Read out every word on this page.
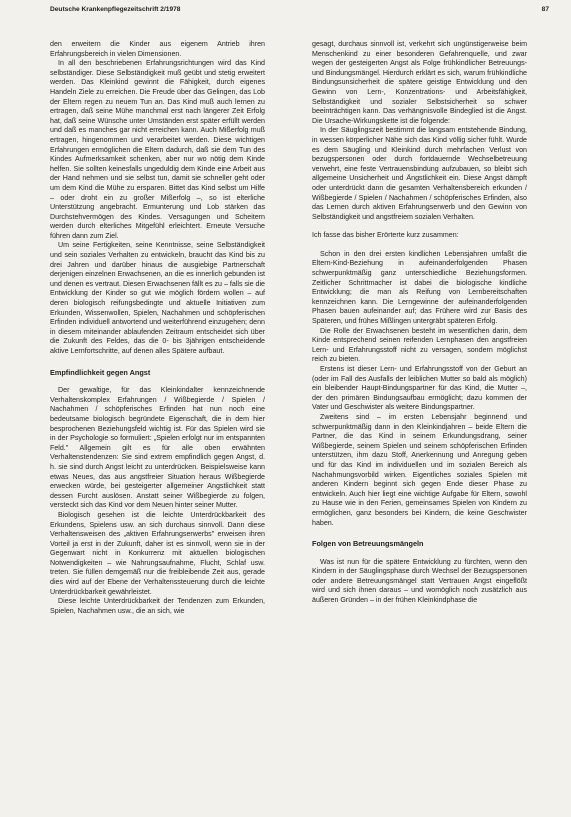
Deutsche Krankenpflegezeitschrift 2/1978	87

den erweitern die Kinder aus eigenem Antrieb ihren Erfahrungsbereich in vielen Dimensionen.

In all den beschriebenen Erfahrungsrichtungen wird das Kind selbständiger. Diese Selbständigkeit muß geübt und stetig erweitert werden. Das Kleinkind gewinnt die Fähigkeit, durch eigenes Handeln Ziele zu erreichen. Die Freude über das Gelingen, das Lob der Eltern regen zu neuem Tun an. Das Kind muß auch lernen zu ertragen, daß seine Mühe manchmal erst nach längerer Zeit Erfolg hat, daß seine Wünsche unter Umständen erst später erfüllt werden und daß es manches gar nicht erreichen kann. Auch Mißerfolg muß ertragen, hingenommen und verarbeitet werden. Diese wichtigen Erfahrungen ermöglichen die Eltern dadurch, daß sie dem Tun des Kindes Aufmerksamkeit schenken, aber nur wo nötig dem Kinde helfen. Sie sollten keinesfalls ungeduldig dem Kinde eine Arbeit aus der Hand nehmen und sie selbst tun, damit sie schneller geht oder um dem Kind die Mühe zu ersparen. Bittet das Kind selbst um Hilfe – oder droht ein zu großer Mißerfolg –, so ist elterliche Unterstützung angebracht. Ermunterung und Lob stärken das Durchstehvermögen des Kindes. Versagungen und Scheitern werden durch elterliches Mitgefühl erleichtert. Erneute Versuche führen dann zum Ziel.

Um seine Fertigkeiten, seine Kenntnisse, seine Selbständigkeit und sein soziales Verhalten zu entwickeln, braucht das Kind bis zu drei Jahren und darüber hinaus die ausgiebige Partnerschaft derjenigen einzelnen Erwachsenen, an die es innerlich gebunden ist und denen es vertraut. Diesen Erwachsenen fällt es zu – falls sie die Entwicklung der Kinder so gut wie möglich fördern wollen – auf deren biologisch reifungsbedingte und aktuelle Initiativen zum Erkunden, Wissenwollen, Spielen, Nachahmen und schöpferischen Erfinden individuell antwortend und weiterführend einzugehen; denn in diesem miteinander ablaufenden Zeitraum entscheidet sich über die Zukunft des Feldes, das die 0- bis 3jährigen entscheidende aktive Lernfortschritte, auf denen alles Spätere aufbaut.

Empfindlichkeit gegen Angst

Der gewaltige, für das Kleinkindalter kennzeichnende Verhaltenskomplex Erfahrungen / Wißbegierde / Spielen / Nachahmen / schöpferisches Erfinden hat nun noch eine bedeutsame biologisch begründete Eigenschaft, die in dem hier besprochenen Beziehungsfeld wichtig ist. Für das Spielen wird sie in der Psychologie so formuliert: „Spielen erfolgt nur im entspannten Feld." Allgemein gilt es für alle oben erwähnten Verhaltenstendenzen: Sie sind extrem empfindlich gegen Angst, d. h. sie sind durch Angst leicht zu unterdrücken. Beispielsweise kann etwas Neues, das aus angstfreier Situation heraus Wißbegierde erwecken würde, bei gesteigerter allgemeiner Angstlichkeit statt dessen Furcht auslösen. Anstatt seiner Wißbegierde zu folgen, versteckt sich das Kind vor dem Neuen hinter seiner Mutter.

Biologisch gesehen ist die leichte Unterdrückbarkeit des Erkundens, Spielens usw. an sich durchaus sinnvoll. Dann diese Verhaltensweisen des „aktiven Erfahrungserwerbs" erweisen ihren Vorteil ja erst in der Zukunft, daher ist es sinnvoll, wenn sie in der Gegenwart nicht in Konkurrenz mit aktuellen biologischen Notwendigkeiten – wie Nahrungsaufnahme, Flucht, Schlaf usw. treten. Sie füllen demgemäß nur die freibleibende Zeit aus, gerade dies wird auf der Ebene der Verhaltenssteuerung durch die leichte Unterdrückbarkeit gewährleistet.

Diese leichte Unterdrückbarkeit der Tendenzen zum Erkunden, Spielen, Nachahmen usw., die an sich, wie

gesagt, durchaus sinnvoll ist, verkehrt sich ungünstigerweise beim Menschenkind zu einer besonderen Gefahrenquelle, und zwar wegen der gesteigerten Angst als Folge frühkindlicher Betreuungs- und Bindungsmängel. Hierdurch erklärt es sich, warum frühkindliche Bindungsunsicherheit die spätere geistige Entwicklung und den Gewinn von Lern-, Konzentrations- und Arbeitsfähigkeit, Selbständigkeit und sozialer Selbstsicherheit so schwer beeinträchtigen kann. Das verhängnisvolle Bindeglied ist die Angst. Die Ursache-Wirkungskette ist die folgende:

In der Säuglingszeit bestimmt die langsam entstehende Bindung, in wessen körperlicher Nähe sich das Kind völlig sicher fühlt. Wurde es dem Säugling und Kleinkind durch mehrfachen Verlust von bezugspersonen oder durch fortdauernde Wechselbetreuung verwehrt, eine feste Vertrauensbindung aufzubauen, so bleibt sich allgemeine Unsicherheit und Ängstlichkeit ein. Diese Angst dämpft oder unterdrückt dann die gesamten Verhaltensbereich erkunden / Wißbegierde / Spielen / Nachahmen / schöpferisches Erfinden, also das Lernen durch aktiven Erfahrungserwerb und den Gewinn von Selbständigkeit und angstfreiem sozialen Verhalten.

Ich fasse das bisher Erörterte kurz zusammen:

Schon in den drei ersten kindlichen Lebensjahren umfaßt die Eltern-Kind-Beziehung in aufeinanderfolgenden Phasen schwerpunktmäßig ganz unterschiedliche Beziehungsformen. Zeitlicher Schrittmacher ist dabei die biologische kindliche Entwicklung; die man als Reifung von Lernbereitschaften kennzeichnen kann. Die Lerngewinne der aufeinanderfolgenden Phasen bauen aufeinander auf; das Frühere wird zur Basis des Späteren, und frühes Mißlingen untergräbt späteren Erfolg.

Die Rolle der Erwachsenen besteht im wesentlichen darin, dem Kinde entsprechend seinen reifenden Lernphasen den angstfreien Lern- und Erfahrungsstoff nicht zu versagen, sondern möglichst reich zu bieten.

Erstens ist dieser Lern- und Erfahrungsstoff von der Geburt an (oder im Fall des Ausfalls der leiblichen Mutter so bald als möglich) ein bleibender Haupt-Bindungspartner für das Kind, die Mutter –, der den primären Bindungsaufbau ermöglicht; dazu kommen der Vater und Geschwister als weitere Bindungspartner.

Zweitens sind – im ersten Lebensjahr beginnend und schwerpunktmäßig dann in den Kleinkindjahren – beide Eltern die Partner, die das Kind in seinem Erkundungsdrang, seiner Wißbegierde, seinem Spielen und seinem schöpferischen Erfinden unterstützen, ihm dazu Stoff, Anerkennung und Anregung geben und für das Kind im individuellen und im sozialen Bereich als Nachahmungsvorbild wirken. Eigentliches soziales Spielen mit anderen Kindern beginnt sich gegen Ende dieser Phase zu entwickeln. Auch hier liegt eine wichtige Aufgabe für Eltern, sowohl zu Hause wie in den Ferien, gemeinsames Spielen von Kindern zu ermöglichen, ganz besonders bei Kindern, die keine Geschwister haben.

Folgen von Betreuungsmängeln

Was ist nun für die spätere Entwicklung zu fürchten, wenn den Kindern in der Säuglingsphase durch Wechsel der Bezugspersonen oder andere Betreuungsmängel statt Vertrauen Angst eingeflößt wird und sich ihnen daraus – und womöglich noch zusätzlich aus äußeren Gründen – in der frühen Kleinkindphase die
